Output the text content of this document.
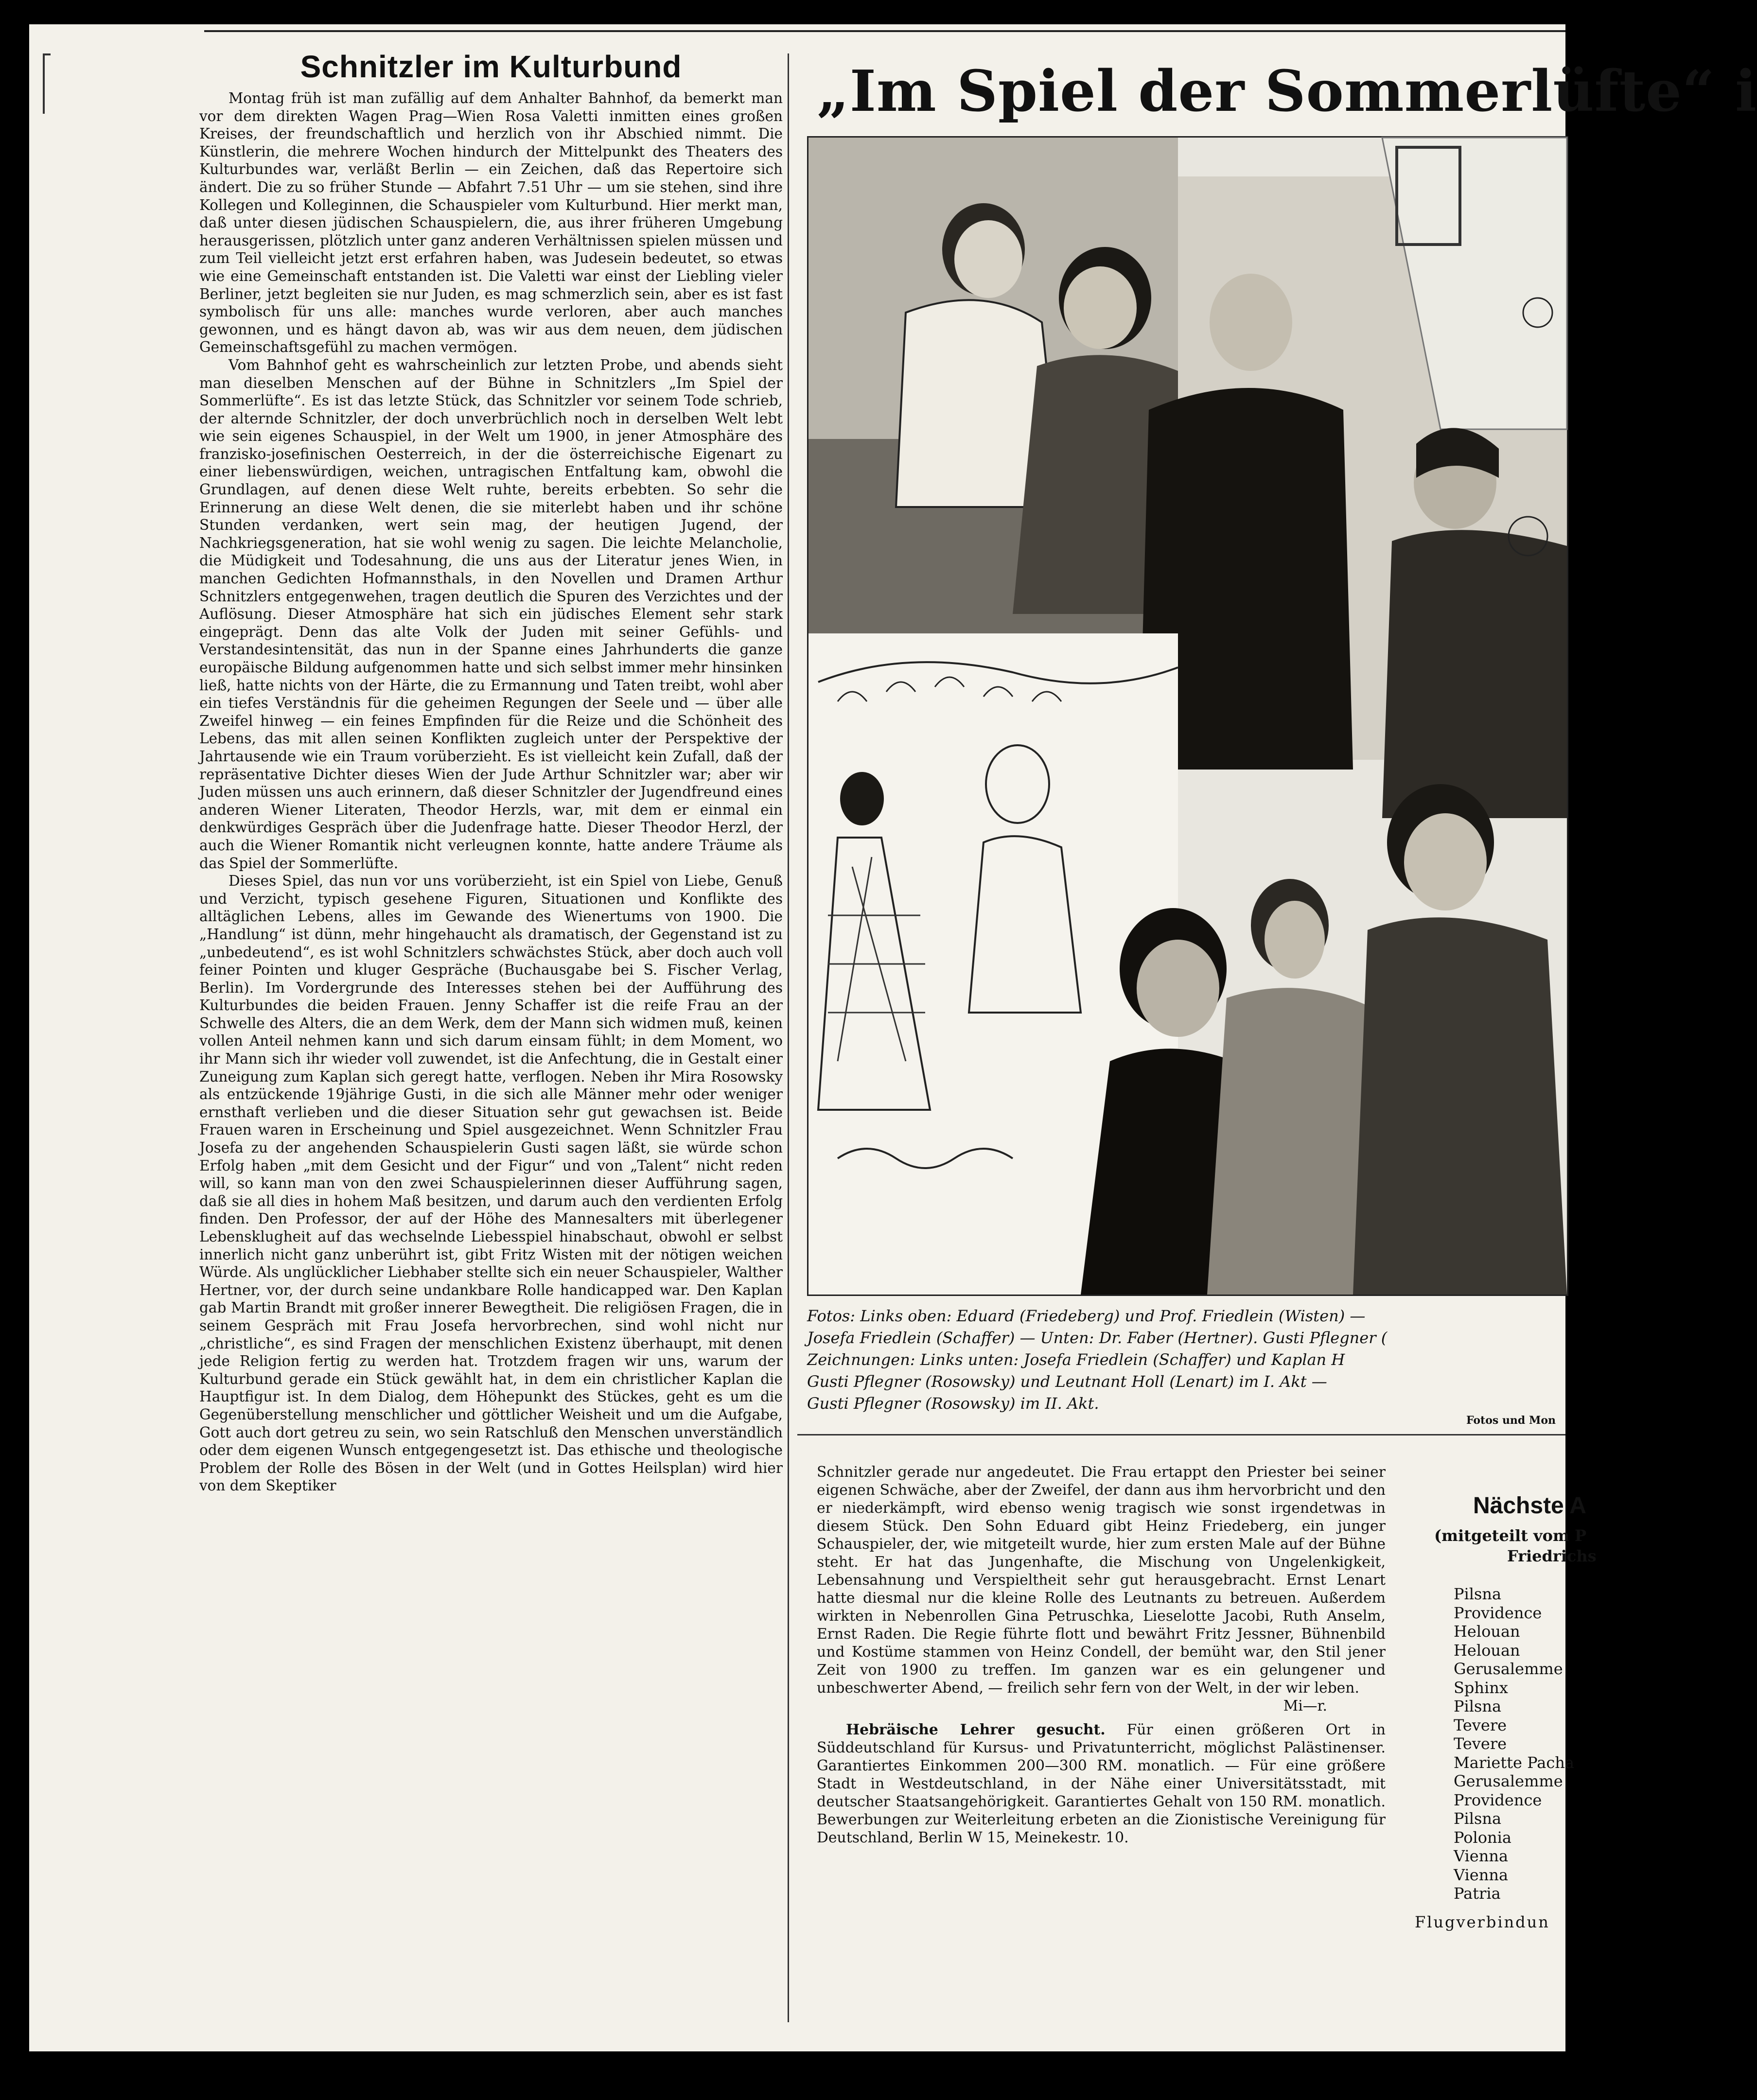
Schnitzler im Kulturbund

Montag früh ist man zufällig auf dem Anhalter Bahnhof, da bemerkt man vor dem direkten Wagen Prag—Wien Rosa Valetti inmitten eines großen Kreises, der freundschaftlich und herzlich von ihr Abschied nimmt. Die Künstlerin, die mehrere Wochen hindurch der Mittelpunkt des Theaters des Kulturbundes war, verläßt Berlin — ein Zeichen, daß das Repertoire sich ändert. Die zu so früher Stunde — Abfahrt 7.51 Uhr — um sie stehen, sind ihre Kollegen und Kolleginnen, die Schauspieler vom Kulturbund. Hier merkt man, daß unter diesen jüdischen Schauspielern, die, aus ihrer früheren Umgebung herausgerissen, plötzlich unter ganz anderen Verhältnissen spielen müssen und zum Teil vielleicht jetzt erst erfahren haben, was Judesein bedeutet, so etwas wie eine Gemeinschaft entstanden ist. Die Valetti war einst der Liebling vieler Berliner, jetzt begleiten sie nur Juden, es mag schmerzlich sein, aber es ist fast symbolisch für uns alle: manches wurde verloren, aber auch manches gewonnen, und es hängt davon ab, was wir aus dem neuen, dem jüdischen Gemeinschaftsgefühl zu machen vermögen.

Vom Bahnhof geht es wahrscheinlich zur letzten Probe, und abends sieht man dieselben Menschen auf der Bühne in Schnitzlers „Im Spiel der Sommerlüfte“. Es ist das letzte Stück, das Schnitzler vor seinem Tode schrieb, der alternde Schnitzler, der doch unverbrüchlich noch in derselben Welt lebt wie sein eigenes Schauspiel, in der Welt um 1900, in jener Atmosphäre des franzisko-josefinischen Oesterreich, in der die österreichische Eigenart zu einer liebenswürdigen, weichen, untragischen Entfaltung kam, obwohl die Grundlagen, auf denen diese Welt ruhte, bereits erbebten. So sehr die Erinnerung an diese Welt denen, die sie miterlebt haben und ihr schöne Stunden verdanken, wert sein mag, der heutigen Jugend, der Nachkriegsgeneration, hat sie wohl wenig zu sagen. Die leichte Melancholie, die Müdigkeit und Todesahnung, die uns aus der Literatur jenes Wien, in manchen Gedichten Hofmannsthals, in den Novellen und Dramen Arthur Schnitzlers entgegenwehen, tragen deutlich die Spuren des Verzichtes und der Auflösung. Dieser Atmosphäre hat sich ein jüdisches Element sehr stark eingeprägt. Denn das alte Volk der Juden mit seiner Gefühls- und Verstandesintensität, das nun in der Spanne eines Jahrhunderts die ganze europäische Bildung aufgenommen hatte und sich selbst immer mehr hinsinken ließ, hatte nichts von der Härte, die zu Ermannung und Taten treibt, wohl aber ein tiefes Verständnis für die geheimen Regungen der Seele und — über alle Zweifel hinweg — ein feines Empfinden für die Reize und die Schönheit des Lebens, das mit allen seinen Konflikten zugleich unter der Perspektive der Jahrtausende wie ein Traum vorüberzieht. Es ist vielleicht kein Zufall, daß der repräsentative Dichter dieses Wien der Jude Arthur Schnitzler war; aber wir Juden müssen uns auch erinnern, daß dieser Schnitzler der Jugendfreund eines anderen Wiener Literaten, Theodor Herzls, war, mit dem er einmal ein denkwürdiges Gespräch über die Judenfrage hatte. Dieser Theodor Herzl, der auch die Wiener Romantik nicht verleugnen konnte, hatte andere Träume als das Spiel der Sommerlüfte.

Dieses Spiel, das nun vor uns vorüberzieht, ist ein Spiel von Liebe, Genuß und Verzicht, typisch gesehene Figuren, Situationen und Konflikte des alltäglichen Lebens, alles im Gewande des Wienertums von 1900. Die „Handlung“ ist dünn, mehr hingehaucht als dramatisch, der Gegenstand ist zu „unbedeutend“, es ist wohl Schnitzlers schwächstes Stück, aber doch auch voll feiner Pointen und kluger Gespräche (Buchausgabe bei S. Fischer Verlag, Berlin). Im Vordergrunde des Interesses stehen bei der Aufführung des Kulturbundes die beiden Frauen. Jenny Schaffer ist die reife Frau an der Schwelle des Alters, die an dem Werk, dem der Mann sich widmen muß, keinen vollen Anteil nehmen kann und sich darum einsam fühlt; in dem Moment, wo ihr Mann sich ihr wieder voll zuwendet, ist die Anfechtung, die in Gestalt einer Zuneigung zum Kaplan sich geregt hatte, verflogen. Neben ihr Mira Rosowsky als entzückende 19jährige Gusti, in die sich alle Männer mehr oder weniger ernsthaft verlieben und die dieser Situation sehr gut gewachsen ist. Beide Frauen waren in Erscheinung und Spiel ausgezeichnet. Wenn Schnitzler Frau Josefa zu der angehenden Schauspielerin Gusti sagen läßt, sie würde schon Erfolg haben „mit dem Gesicht und der Figur“ und von „Talent“ nicht reden will, so kann man von den zwei Schauspielerinnen dieser Aufführung sagen, daß sie all dies in hohem Maß besitzen, und darum auch den verdienten Erfolg finden. Den Professor, der auf der Höhe des Mannesalters mit überlegener Lebensklugheit auf das wechselnde Liebesspiel hinabschaut, obwohl er selbst innerlich nicht ganz unberührt ist, gibt Fritz Wisten mit der nötigen weichen Würde. Als unglücklicher Liebhaber stellte sich ein neuer Schauspieler, Walther Hertner, vor, der durch seine undankbare Rolle handicapped war. Den Kaplan gab Martin Brandt mit großer innerer Bewegtheit. Die religiösen Fragen, die in seinem Gespräch mit Frau Josefa hervorbrechen, sind wohl nicht nur „christliche“, es sind Fragen der menschlichen Existenz überhaupt, mit denen jede Religion fertig zu werden hat. Trotzdem fragen wir uns, warum der Kulturbund gerade ein Stück gewählt hat, in dem ein christlicher Kaplan die Hauptfigur ist. In dem Dialog, dem Höhepunkt des Stückes, geht es um die Gegenüberstellung menschlicher und göttlicher Weisheit und um die Aufgabe, Gott auch dort getreu zu sein, wo sein Ratschluß den Menschen unverständlich oder dem eigenen Wunsch entgegengesetzt ist. Das ethische und theologische Problem der Rolle des Bösen in der Welt (und in Gottes Heilsplan) wird hier von dem Skeptiker

„Im Spiel der Sommerlüfte“ i
Fotos: Links oben: Eduard (Friedeberg) und Prof. Friedlein (Wisten) —
Josefa Friedlein (Schaffer) — Unten: Dr. Faber (Hertner). Gusti Pflegner (
Zeichnungen: Links unten: Josefa Friedlein (Schaffer) und Kaplan H
Gusti Pflegner (Rosowsky) und Leutnant Holl (Lenart) im I. Akt —
Gusti Pflegner (Rosowsky) im II. Akt.
Fotos und Mon

Schnitzler gerade nur angedeutet. Die Frau ertappt den Priester bei seiner eigenen Schwäche, aber der Zweifel, der dann aus ihm hervorbricht und den er niederkämpft, wird ebenso wenig tragisch wie sonst irgendetwas in diesem Stück. Den Sohn Eduard gibt Heinz Friedeberg, ein junger Schauspieler, der, wie mitgeteilt wurde, hier zum ersten Male auf der Bühne steht. Er hat das Jungenhafte, die Mischung von Ungelenkigkeit, Lebensahnung und Verspieltheit sehr gut herausgebracht. Ernst Lenart hatte diesmal nur die kleine Rolle des Leutnants zu betreuen. Außerdem wirkten in Nebenrollen Gina Petruschka, Lieselotte Jacobi, Ruth Anselm, Ernst Raden. Die Regie führte flott und bewährt Fritz Jessner, Bühnenbild und Kostüme stammen von Heinz Condell, der bemüht war, den Stil jener Zeit von 1900 zu treffen. Im ganzen war es ein gelungener und unbeschwerter Abend, — freilich sehr fern von der Welt, in der wir leben.

Mi—r.

Hebräische Lehrer gesucht. Für einen größeren Ort in Süddeutschland für Kursus- und Privatunterricht, möglichst Palästinenser. Garantiertes Einkommen 200—300 RM. monatlich. — Für eine größere Stadt in Westdeutschland, in der Nähe einer Universitätsstadt, mit deutscher Staatsangehörigkeit. Garantiertes Gehalt von 150 RM. monatlich. Bewerbungen zur Weiterleitung erbeten an die Zionistische Vereinigung für Deutschland, Berlin W 15, Meinekestr. 10.

Nächste A
(mitgeteilt vom P
Friedrichs
Pilsna
Providence
Helouan
Helouan
Gerusalemme
Sphinx
Pilsna
Tevere
Tevere
Mariette Pacha
Gerusalemme
Providence
Pilsna
Polonia
Vienna
Vienna
Patria
Flugverbindun
